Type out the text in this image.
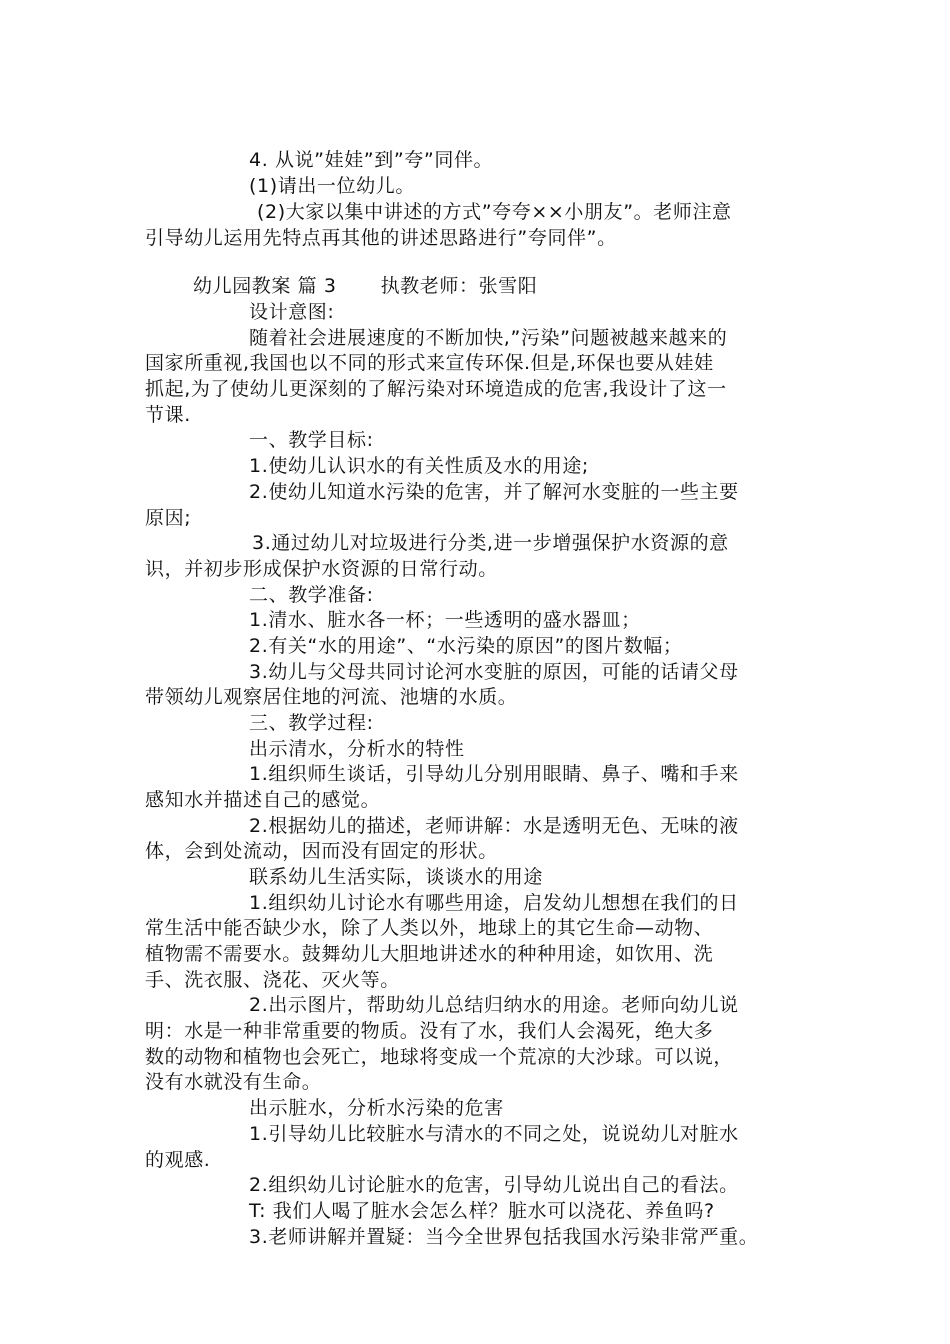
4. 从说”娃娃”到”夸”同伴。
(1)请出一位幼儿。
(2)大家以集中讲述的方式”夸夸××小朋友”。老师注意
引导幼儿运用先特点再其他的讲述思路进行”夸同伴”。
幼儿园教案 篇 3 执教老师：张雪阳
设计意图:
随着社会进展速度的不断加快,”污染”问题被越来越来的
国家所重视,我国也以不同的形式来宣传环保.但是,环保也要从娃娃
抓起,为了使幼儿更深刻的了解污染对环境造成的危害,我设计了这一
节课.
一、教学目标:
1.使幼儿认识水的有关性质及水的用途;
2.使幼儿知道水污染的危害，并了解河水变脏的一些主要
原因;
3.通过幼儿对垃圾进行分类,进一步增强保护水资源的意
识，并初步形成保护水资源的日常行动。
二、教学准备:
1.清水、脏水各一杯；一些透明的盛水器皿；
2.有关“水的用途”、“水污染的原因”的图片数幅；
3.幼儿与父母共同讨论河水变脏的原因，可能的话请父母
带领幼儿观察居住地的河流、池塘的水质。
三、教学过程:
出示清水，分析水的特性
1.组织师生谈话，引导幼儿分别用眼睛、鼻子、嘴和手来
感知水并描述自己的感觉。
2.根据幼儿的描述，老师讲解：水是透明无色、无味的液
体，会到处流动，因而没有固定的形状。
联系幼儿生活实际，谈谈水的用途
1.组织幼儿讨论水有哪些用途，启发幼儿想想在我们的日
常生活中能否缺少水，除了人类以外，地球上的其它生命—动物、
植物需不需要水。鼓舞幼儿大胆地讲述水的种种用途，如饮用、洗
手、洗衣服、浇花、灭火等。
2.出示图片，帮助幼儿总结归纳水的用途。老师向幼儿说
明：水是一种非常重要的物质。没有了水，我们人会渴死，绝大多
数的动物和植物也会死亡，地球将变成一个荒凉的大沙球。可以说，
没有水就没有生命。
出示脏水，分析水污染的危害
1.引导幼儿比较脏水与清水的不同之处，说说幼儿对脏水
的观感.
2.组织幼儿讨论脏水的危害，引导幼儿说出自己的看法。
T: 我们人喝了脏水会怎么样？脏水可以浇花、养鱼吗?
3.老师讲解并置疑：当今全世界包括我国水污染非常严重。
